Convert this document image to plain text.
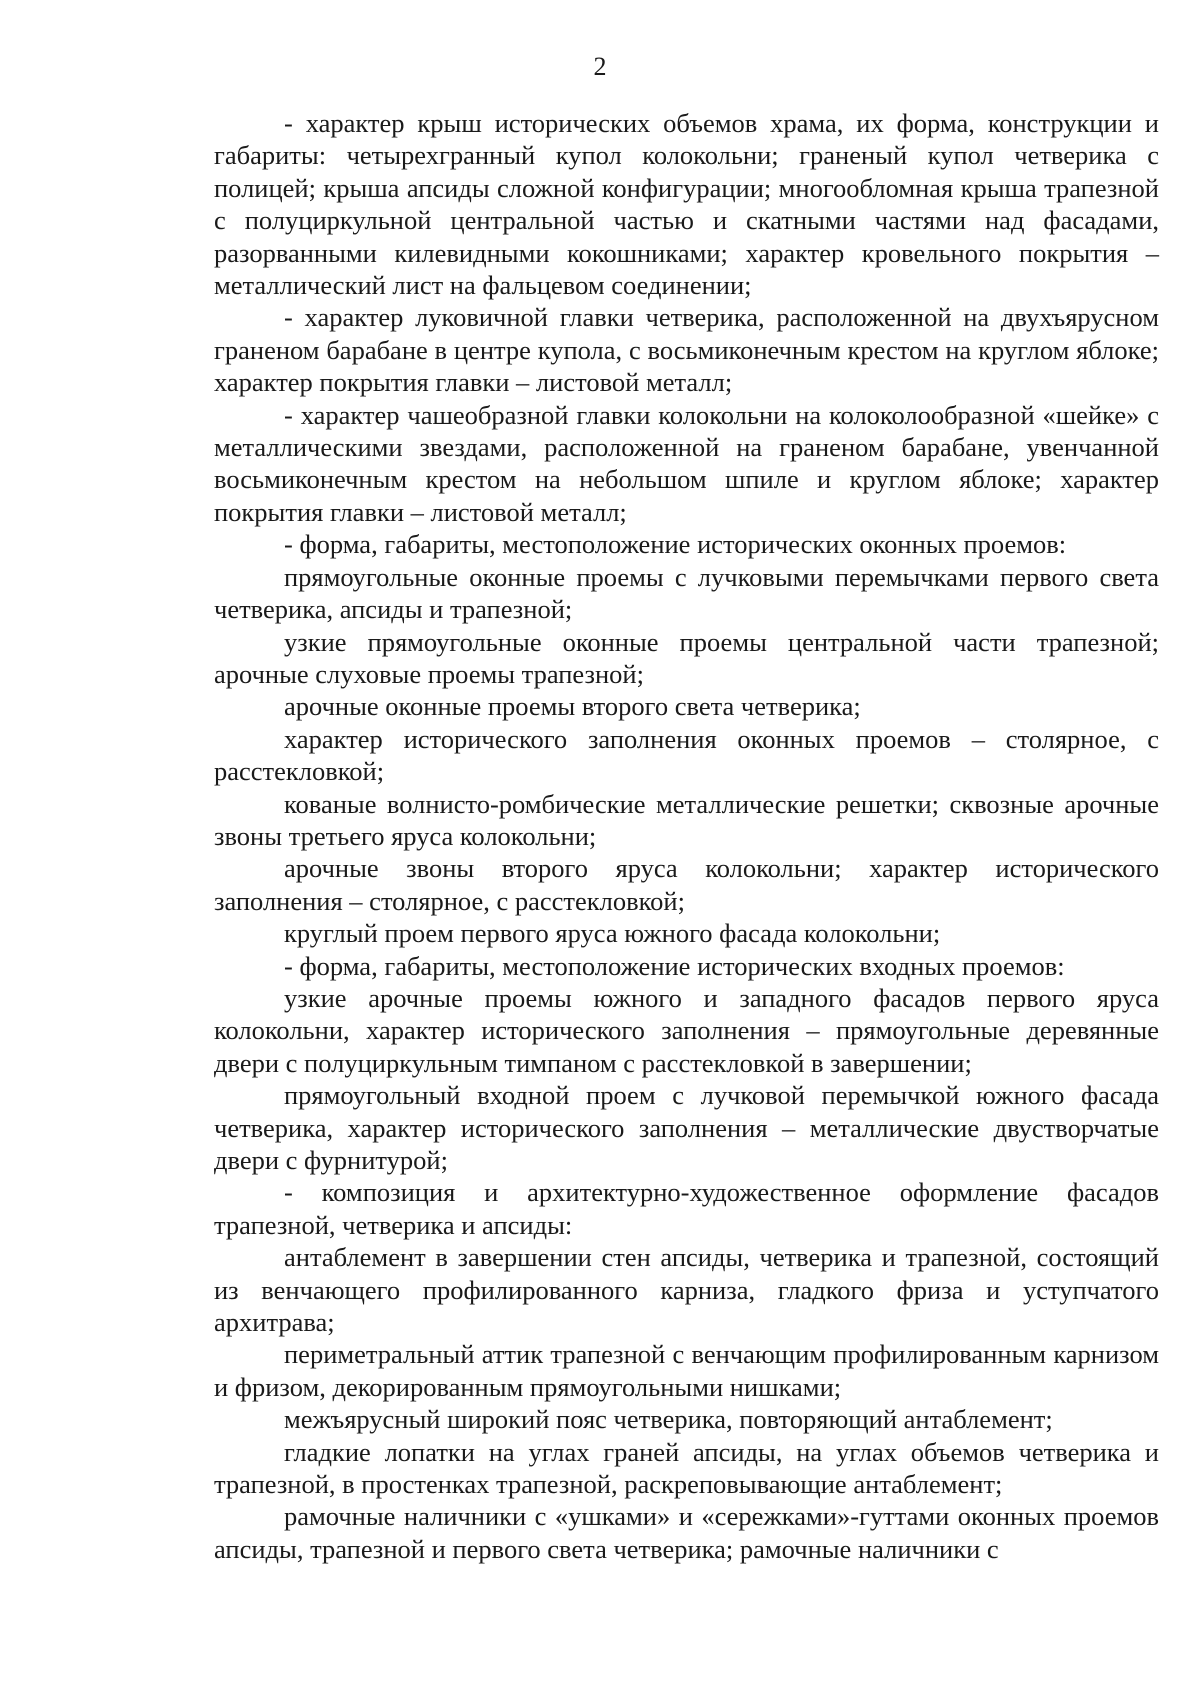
2

- характер крыш исторических объемов храма, их форма, конструкции и габариты: четырехгранный купол колокольни; граненый купол четверика с полицей; крыша апсиды сложной конфигурации; многообломная крыша трапезной с полуциркульной центральной частью и скатными частями над фасадами, разорванными килевидными кокошниками; характер кровельного покрытия – металлический лист на фальцевом соединении;

- характер луковичной главки четверика, расположенной на двухъярусном граненом барабане в центре купола, с восьмиконечным крестом на круглом яблоке; характер покрытия главки – листовой металл;

- характер чашеобразной главки колокольни на колоколообразной «шейке» с металлическими звездами, расположенной на граненом барабане, увенчанной восьмиконечным крестом на небольшом шпиле и круглом яблоке; характер покрытия главки – листовой металл;

- форма, габариты, местоположение исторических оконных проемов:

прямоугольные оконные проемы с лучковыми перемычками первого света четверика, апсиды и трапезной;

узкие прямоугольные оконные проемы центральной части трапезной; арочные слуховые проемы трапезной;

арочные оконные проемы второго света четверика;

характер исторического заполнения оконных проемов – столярное, с расстекловкой;

кованые волнисто-ромбические металлические решетки; сквозные арочные звоны третьего яруса колокольни;

арочные звоны второго яруса колокольни; характер исторического заполнения – столярное, с расстекловкой;

круглый проем первого яруса южного фасада колокольни;

- форма, габариты, местоположение исторических входных проемов:

узкие арочные проемы южного и западного фасадов первого яруса колокольни, характер исторического заполнения – прямоугольные деревянные двери с полуциркульным тимпаном с расстекловкой в завершении;

прямоугольный входной проем с лучковой перемычкой южного фасада четверика, характер исторического заполнения – металлические двустворчатые двери с фурнитурой;

- композиция и архитектурно-художественное оформление фасадов трапезной, четверика и апсиды:

антаблемент в завершении стен апсиды, четверика и трапезной, состоящий из венчающего профилированного карниза, гладкого фриза и уступчатого архитрава;

периметральный аттик трапезной с венчающим профилированным карнизом и фризом, декорированным прямоугольными нишками;

межъярусный широкий пояс четверика, повторяющий антаблемент;

гладкие лопатки на углах граней апсиды, на углах объемов четверика и трапезной, в простенках трапезной, раскреповывающие антаблемент;

рамочные наличники с «ушками» и «сережками»-гуттами оконных проемов апсиды, трапезной и первого света четверика; рамочные наличники с
